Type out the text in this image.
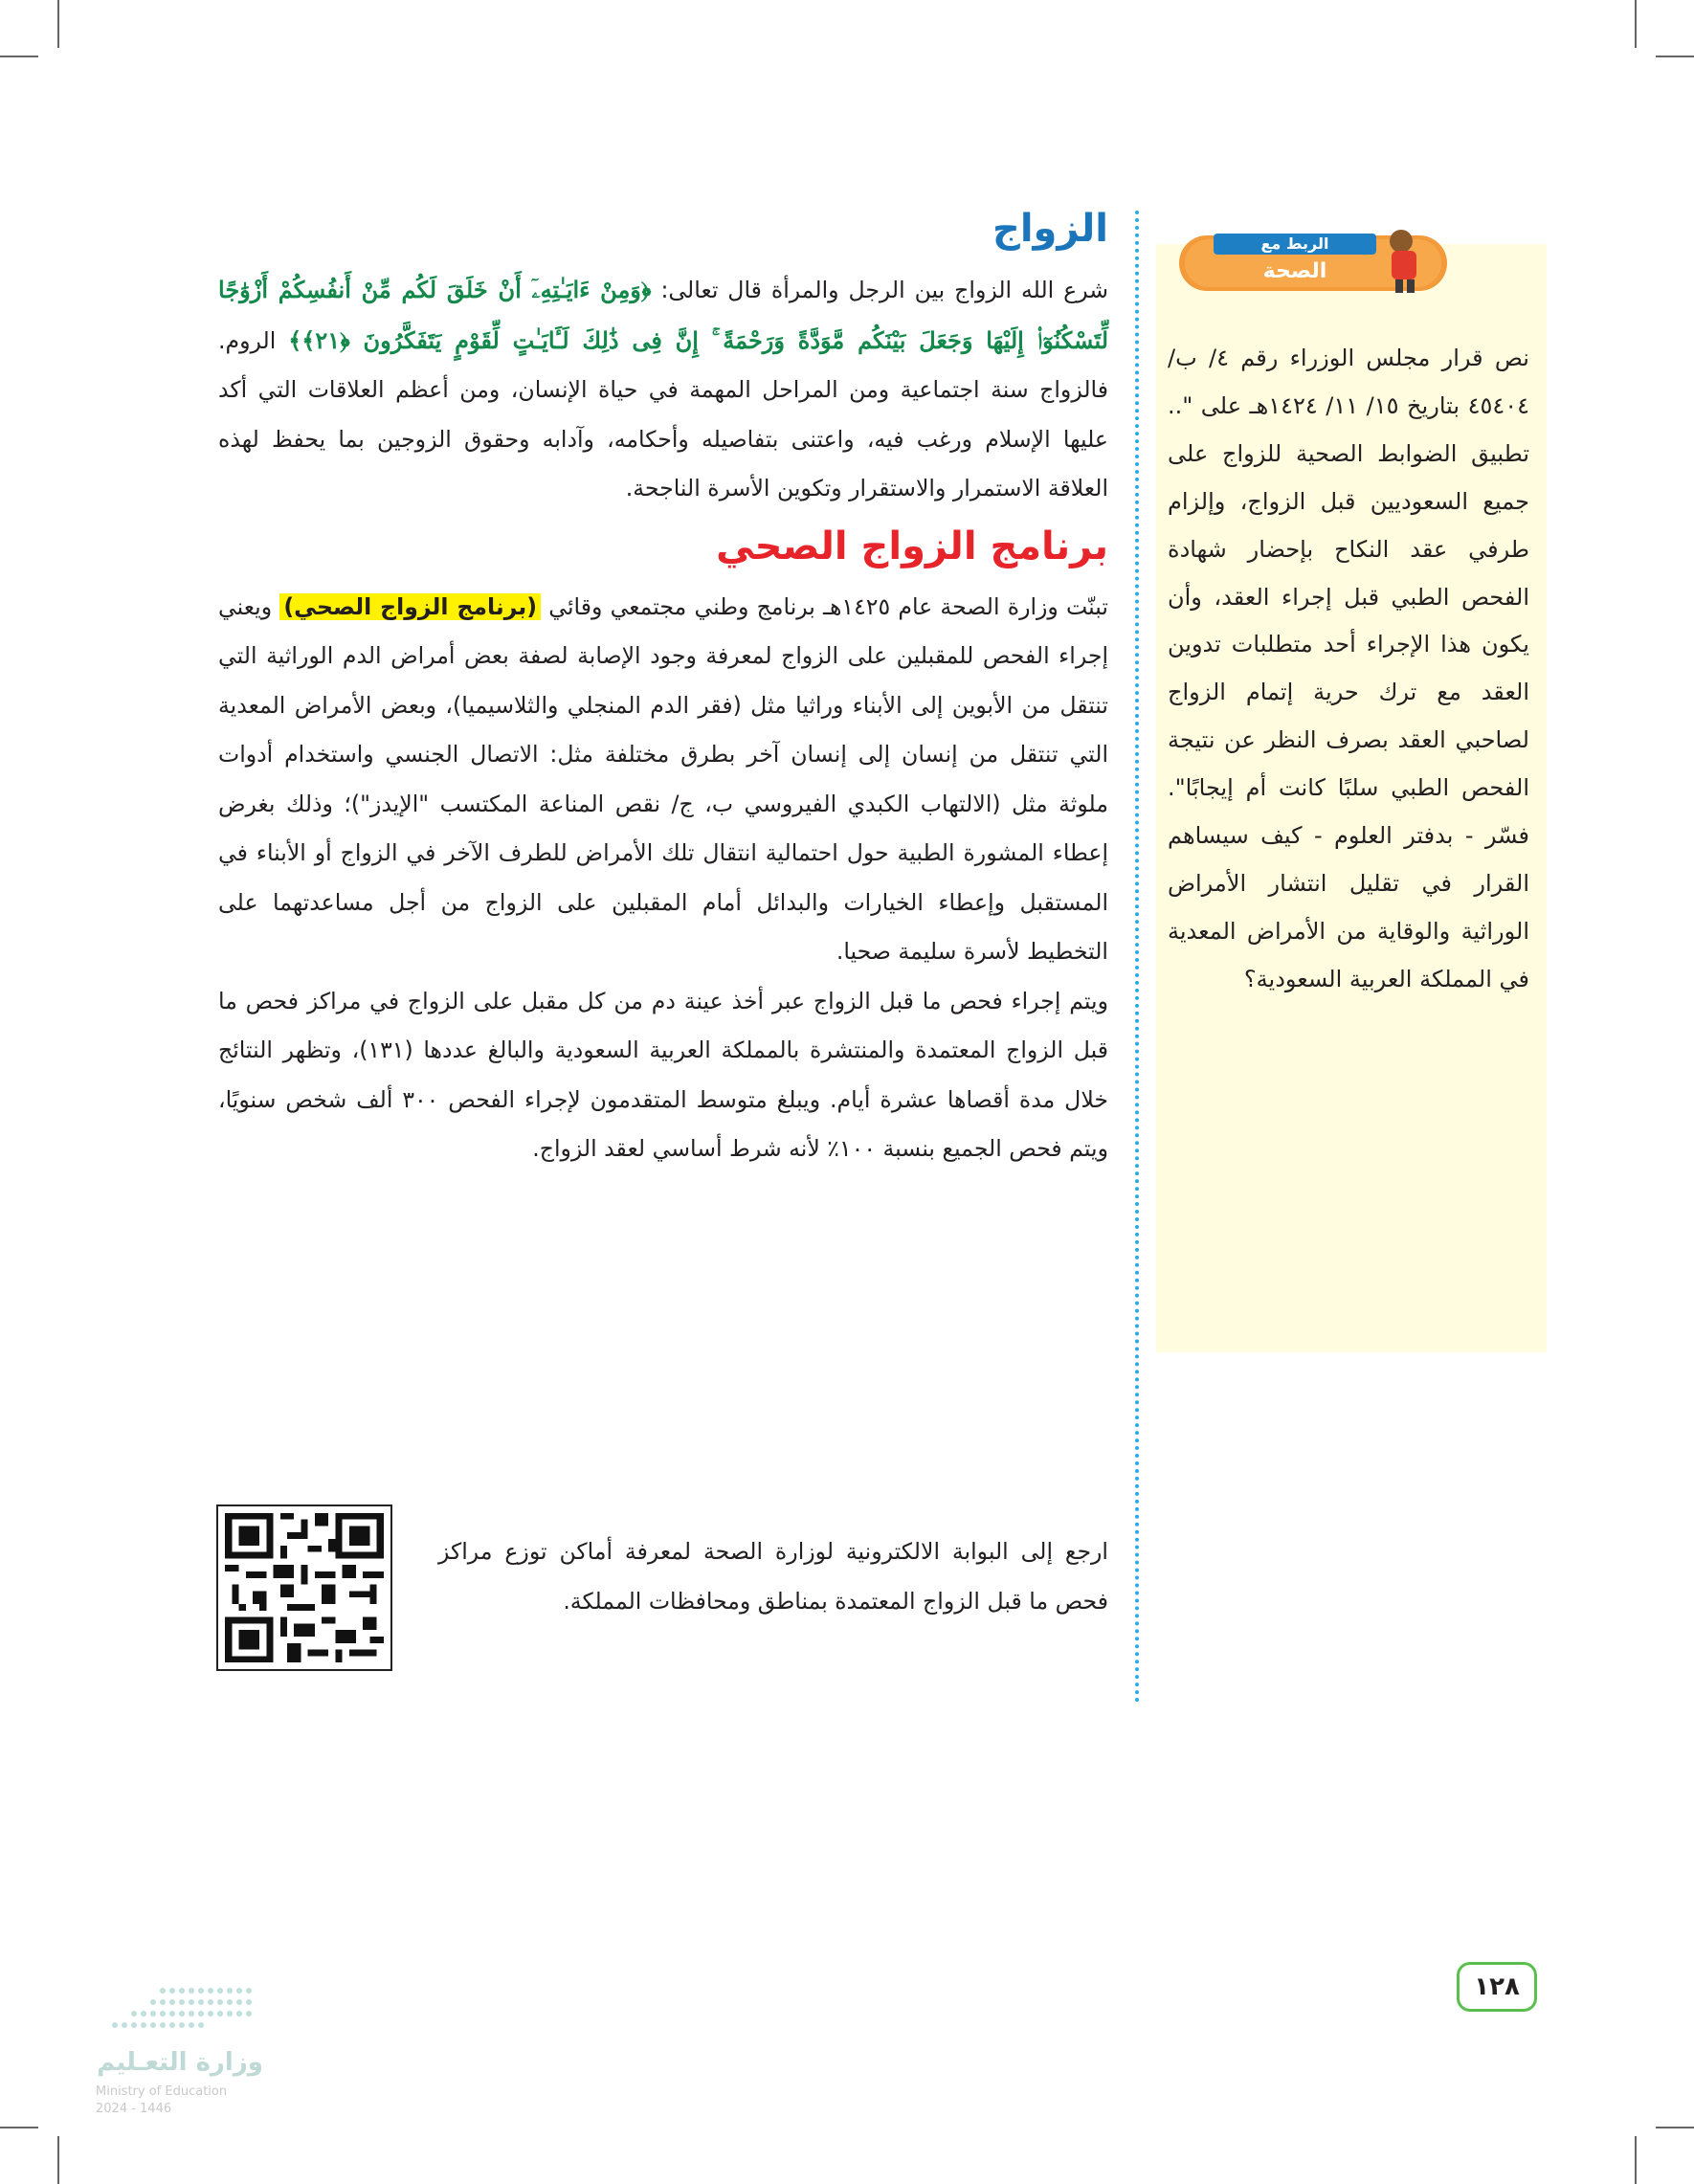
الزواج

شرع الله الزواج بين الرجل والمرأة قال تعالى: ﴿وَمِنْ ءَايَـٰتِهِۦٓ أَنْ خَلَقَ لَكُم مِّنْ أَنفُسِكُمْ أَزْوَٰجًا لِّتَسْكُنُوٓا۟ إِلَيْهَا وَجَعَلَ بَيْنَكُم مَّوَدَّةً وَرَحْمَةً ۚ إِنَّ فِى ذَٰلِكَ لَـَٔايَـٰتٍ لِّقَوْمٍ يَتَفَكَّرُونَ ﴿٢١﴾﴾ الروم. فالزواج سنة اجتماعية ومن المراحل المهمة في حياة الإنسان، ومن أعظم العلاقات التي أكد عليها الإسلام ورغب فيه، واعتنى بتفاصيله وأحكامه، وآدابه وحقوق الزوجين بما يحفظ لهذه العلاقة الاستمرار والاستقرار وتكوين الأسرة الناجحة.

برنامج الزواج الصحي

تبنّت وزارة الصحة عام ١٤٢٥هـ برنامج وطني مجتمعي وقائي (برنامج الزواج الصحي) ويعني إجراء الفحص للمقبلين على الزواج لمعرفة وجود الإصابة لصفة بعض أمراض الدم الوراثية التي تنتقل من الأبوين إلى الأبناء وراثيا مثل (فقر الدم المنجلي والثلاسيميا)، وبعض الأمراض المعدية التي تنتقل من إنسان إلى إنسان آخر بطرق مختلفة مثل: الاتصال الجنسي واستخدام أدوات ملوثة مثل (الالتهاب الكبدي الفيروسي ب، ج/ نقص المناعة المكتسب "الإيدز")؛ وذلك بغرض إعطاء المشورة الطبية حول احتمالية انتقال تلك الأمراض للطرف الآخر في الزواج أو الأبناء في المستقبل وإعطاء الخيارات والبدائل أمام المقبلين على الزواج من أجل مساعدتهما على التخطيط لأسرة سليمة صحيا.

ويتم إجراء فحص ما قبل الزواج عبر أخذ عينة دم من كل مقبل على الزواج في مراكز فحص ما قبل الزواج المعتمدة والمنتشرة بالمملكة العربية السعودية والبالغ عددها (١٣١)، وتظهر النتائج خلال مدة أقصاها عشرة أيام. ويبلغ متوسط المتقدمون لإجراء الفحص ٣٠٠ ألف شخص سنويًا، ويتم فحص الجميع بنسبة ١٠٠٪ لأنه شرط أساسي لعقد الزواج.

ارجع إلى البوابة الالكترونية لوزارة الصحة لمعرفة أماكن توزع مراكز فحص ما قبل الزواج المعتمدة بمناطق ومحافظات المملكة.

الربط مع
الصحة

نص قرار مجلس الوزراء رقم ٤/ ب/ ٤٥٤٠٤ بتاريخ ١٥/ ١١/ ١٤٢٤هـ على ".. تطبيق الضوابط الصحية للزواج على جميع السعوديين قبل الزواج، وإلزام طرفي عقد النكاح بإحضار شهادة الفحص الطبي قبل إجراء العقد، وأن يكون هذا الإجراء أحد متطلبات تدوين العقد مع ترك حرية إتمام الزواج لصاحبي العقد بصرف النظر عن نتيجة الفحص الطبي سلبًا كانت أم إيجابًا". فسّر - بدفتر العلوم - كيف سيساهم القرار في تقليل انتشار الأمراض الوراثية والوقاية من الأمراض المعدية في المملكة العربية السعودية؟

١٢٨
وزارة التعـليم
Ministry of Education
2024 - 1446
